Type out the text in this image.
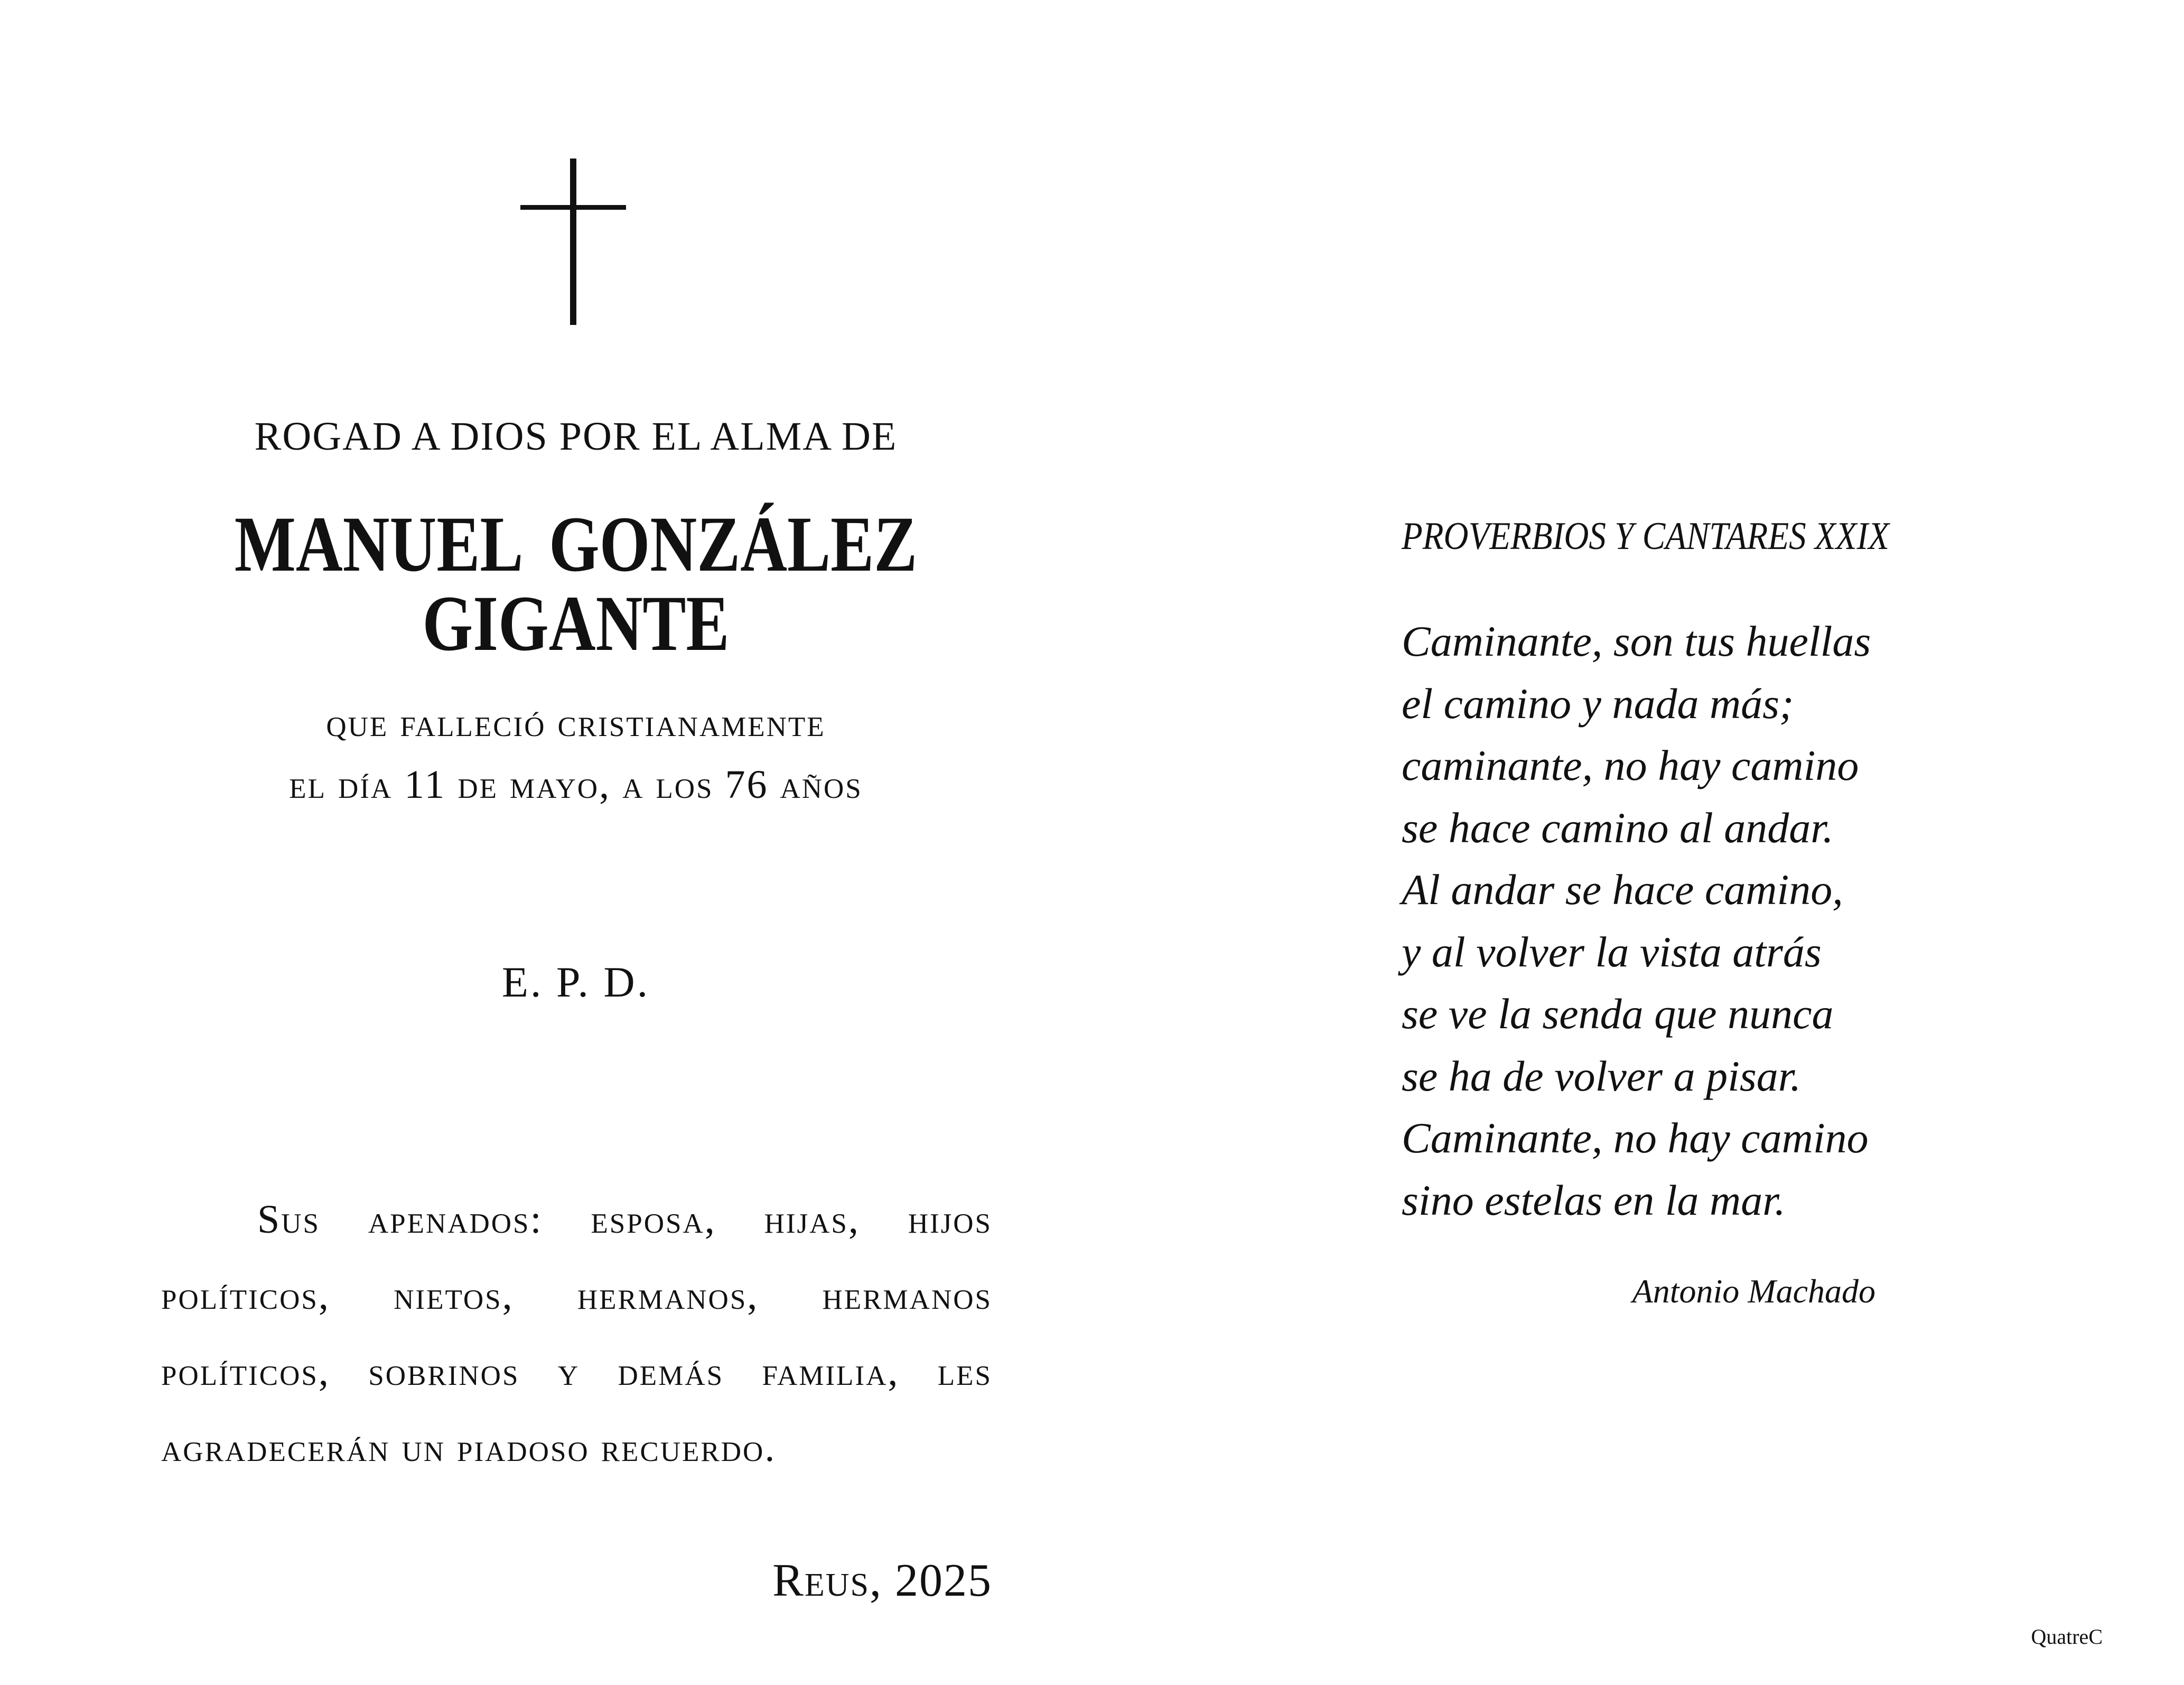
ROGAD A DIOS POR EL ALMA DE
MANUEL GONZÁLEZ GIGANTE
que falleció cristianamente
el día 11 de mayo, a los 76 años
E. P. D.
Sus apenados: esposa, hijas, hijos políticos, nietos, hermanos, hermanos políticos, sobrinos y demás familia, les agradecerán un piadoso recuerdo.
Reus, 2025
PROVERBIOS Y CANTARES XXIX
Caminante, son tus huellas
el camino y nada más;
caminante, no hay camino
se hace camino al andar.
Al andar se hace camino,
y al volver la vista atrás
se ve la senda que nunca
se ha de volver a pisar.
Caminante, no hay camino
sino estelas en la mar.
Antonio Machado
QuatreC
